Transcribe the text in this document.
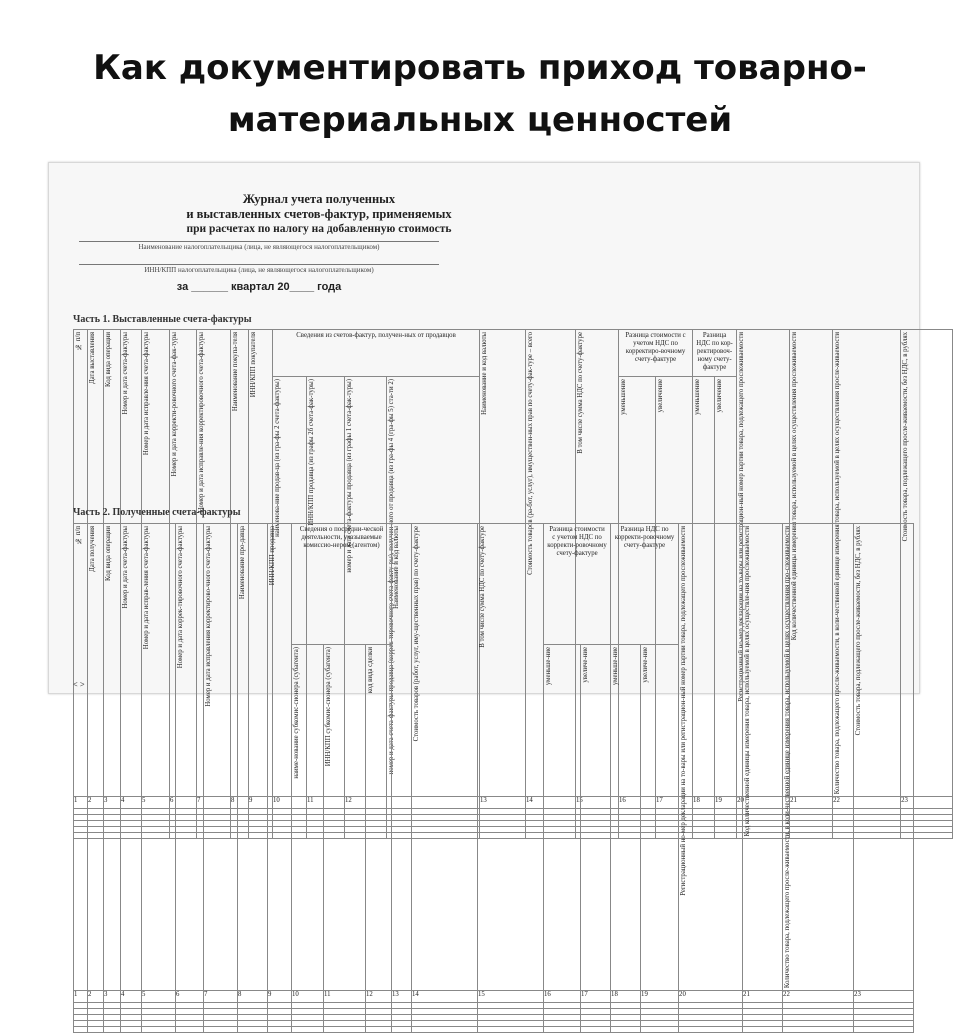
Как документировать приход товарно-
материальных ценностей
Журнал учета полученных
и выставленных счетов-фактур, применяемых
при расчетах по налогу на добавленную стоимость
Наименование налогоплательщика (лица, не являющегося налогоплательщиком)
ИНН/КПП налогоплательщика (лица, не являющегося налогоплательщиком)
за ______ квартал 20____ года
Часть 1. Выставленные счета-фактуры
№ п/п	Дата выставления	Код вида операции	Номер и дата счета-фактуры	Номер и дата исправле-ния счета-фактуры	Номер и дата корректи-ровочного счета-фак-туры	Номер и дата исправле-ния корректировочного счета-фактуры	Наименование покупа-теля	ИНН/КПП покупателя	Сведения из счетов-фактур, получен-ных от продавцов				Наименование и код валюты	Стоимость товаров (ра-бот, услуг), имуществен-ных прав по счету-фак-туре – всего	В том числе сумма НДС по счету-фактуре	Разница стоимости с учетом НДС по корректиро-вочному счету-фактуре		Разница НДС по кор-ректировоч-ному счету-фактуре		Регистрационный но-мер декларации на то-вары или регистрацион-ный номер партии товара, подлежащего прослеживаемости	Код количественной единицы измерения товара, используемой в целях осуществления прослеживаемости	Количество товара, подлежащего просле-живаемости, в коли-чественной единице измерения товара, используемой в целях осуществления просле-живаемости	Стоимость товара, подлежащего просле-живаемости, без НДС, в рублях

									наименова-ние продав-ца (из гра-фы 2 счета-фактуры)	ИНН/КПП продавца (из графы 2б счета-фак-туры)	номер и дата счета-фактуры продавца (из графы 1 счета-фак-туры)	номер и дата счета-фактуры продавца (коррек-тировочного счета-факту-ры), получен-ного от продавца (из гра-фы 4 (гра-фы 5) ста-ти 2)				уменьшение	увеличение	уменьшение	увеличение				

1	2	3	4	5	6	7	8	9	10	11	12		13	14	15	16	17	18	19	20	21	22	23

Часть 2. Полученные счета-фактуры
№ п/п	Дата получения	Код вида операции	Номер и дата счета-фактуры	Номер и дата исправ-ления счета-фактуры	Номер и дата коррек-тировочного счета-фактуры	Номер и дата исправления корректирово-чного счета-фактуры	Наименование про-давца	ИНН/КПП продавца	Сведения о посредни-ческой деятельности, указываемые комиссио-нером (агентом)			Наименование и код валюты	Стоимость товаров (работ, услуг, иму-щественных прав) по счету-фактуре	В том числе сумма НДС по счету-фактуре	Разница стоимости с учетом НДС по корректи-ровочному счету-фактуре		Разница НДС по корректи-ровочному счету-фактуре		Регистрационный но-мер декларации на то-вары или регистрацион-ный номер партии товара, подлежащего прослеживаемости	Код количественной единицы измерения товара, используемой в целях осуществле-ния прослеживаемости	Количество товара, подлежащего просле-живаемости, в коли-чественной единице измерения товара, используемой в целях осуществления про-слеживаемости	Стоимость товара, подлежащего просле-живаемости, без НДС, в рублях

									наиме-нование субкомис-сионера (субагента)	ИНН/КПП субкомис-сионера (субагента)	код вида сделки				уменьше-ние	увеличе-ние	уменьше-ние	увеличе-ние				

1	2	3	4	5	6	7	8	9	10	11	12	13	14	15	16	17	18	19	20	21	22	23

< >
